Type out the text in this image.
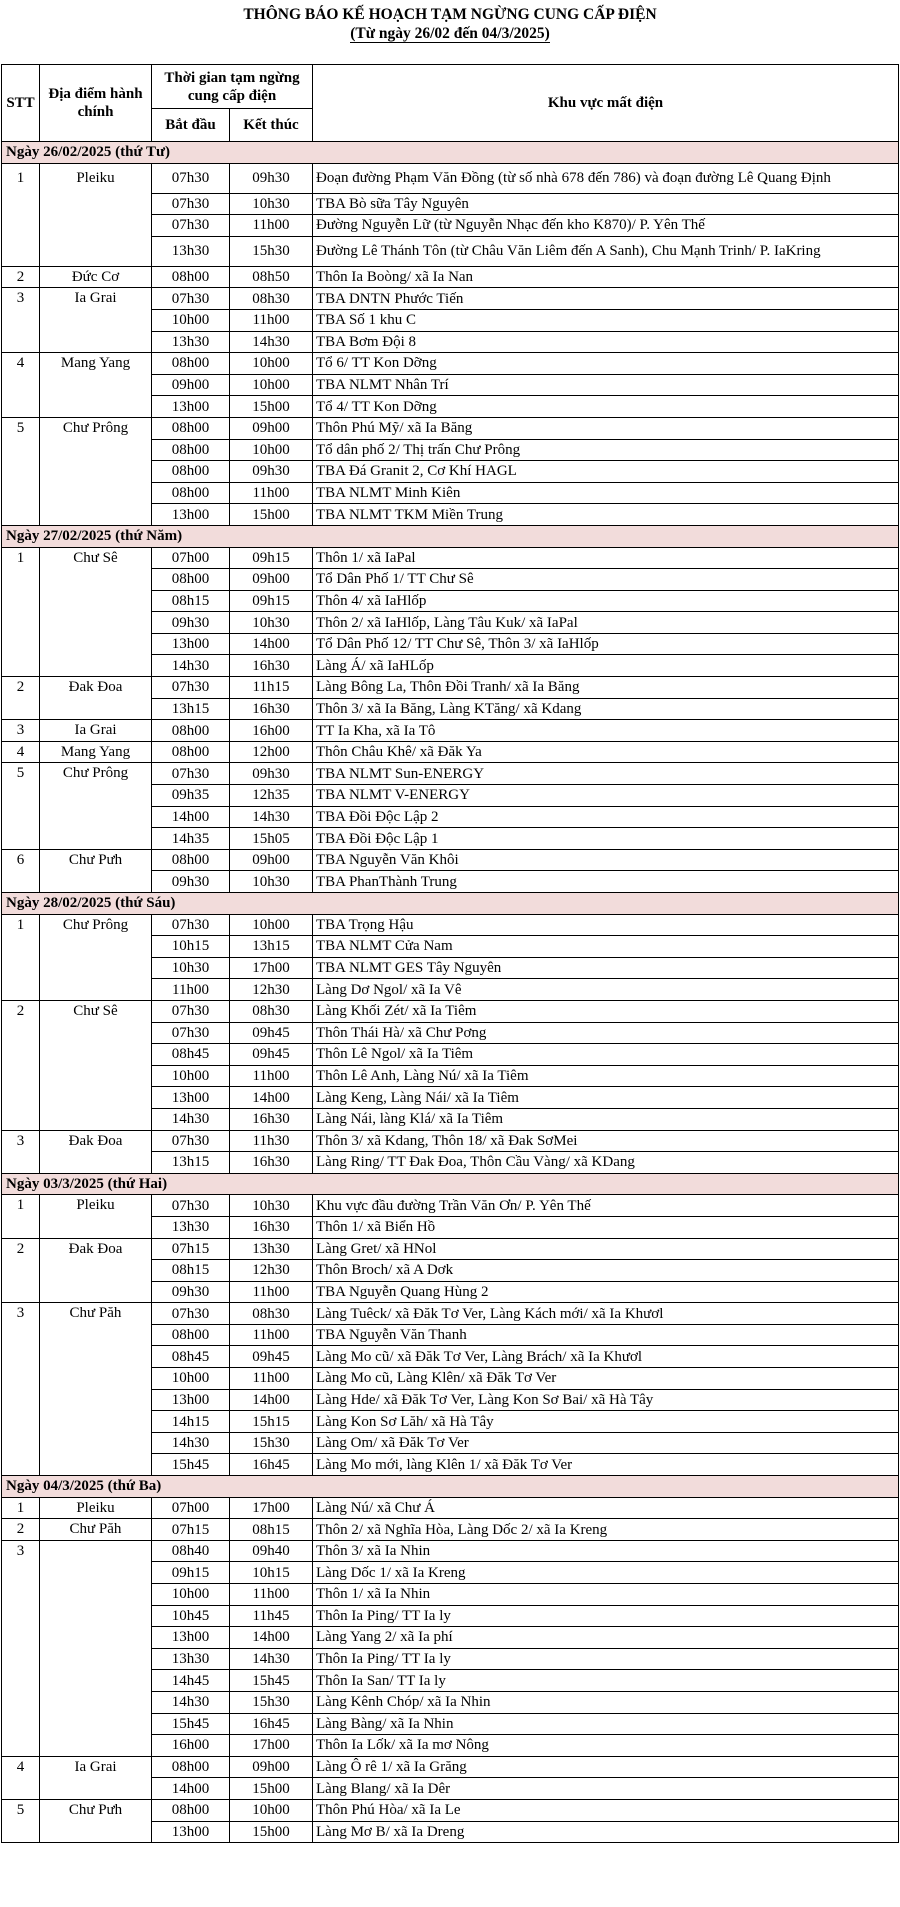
THÔNG BÁO KẾ HOẠCH TẠM NGỪNG CUNG CẤP ĐIỆN
(Từ ngày 26/02 đến 04/3/2025)
STT	Địa điểm hành chính	Thời gian tạm ngừng cung cấp điện		Khu vực mất điện
		Bắt đầu	Kết thúc	
Ngày 26/02/2025 (thứ Tư)				
1	Pleiku	07h30	09h30	Đoạn đường Phạm Văn Đồng (từ số nhà 678 đến 786) và đoạn đường Lê Quang Định
		07h30	10h30	TBA Bò sữa Tây Nguyên
		07h30	11h00	Đường Nguyễn Lữ (từ Nguyễn Nhạc đến kho K870)/ P. Yên Thế
		13h30	15h30	Đường Lê Thánh Tôn (từ Châu Văn Liêm đến A Sanh), Chu Mạnh Trinh/ P. IaKring
2	Đức Cơ	08h00	08h50	Thôn Ia Boòng/ xã Ia Nan
3	Ia Grai	07h30	08h30	TBA DNTN Phước Tiến
		10h00	11h00	TBA Số 1 khu C
		13h30	14h30	TBA Bơm Đội 8
4	Mang Yang	08h00	10h00	Tổ 6/ TT Kon Dỡng
		09h00	10h00	TBA NLMT Nhân Trí
		13h00	15h00	Tổ 4/ TT Kon Dỡng
5	Chư Prông	08h00	09h00	Thôn Phú Mỹ/ xã Ia Băng
		08h00	10h00	Tổ dân phố 2/ Thị trấn Chư Prông
		08h00	09h30	TBA Đá Granit 2, Cơ Khí HAGL
		08h00	11h00	TBA NLMT Minh Kiên
		13h00	15h00	TBA NLMT TKM Miền Trung
Ngày 27/02/2025 (thứ Năm)				
1	Chư Sê	07h00	09h15	Thôn 1/ xã IaPal
		08h00	09h00	Tổ Dân Phố 1/ TT Chư Sê
		08h15	09h15	Thôn 4/ xã IaHlốp
		09h30	10h30	Thôn 2/ xã IaHlốp, Làng Tâu Kuk/ xã IaPal
		13h00	14h00	Tổ Dân Phố 12/ TT Chư Sê, Thôn 3/ xã IaHlốp
		14h30	16h30	Làng Á/ xã IaHLốp
2	Đak Đoa	07h30	11h15	Làng Bông La, Thôn Đồi Tranh/ xã Ia Băng
		13h15	16h30	Thôn 3/ xã Ia Băng, Làng KTăng/ xã Kdang
3	Ia Grai	08h00	16h00	TT Ia Kha, xã Ia Tô
4	Mang Yang	08h00	12h00	Thôn Châu Khê/ xã Đăk Ya
5	Chư Prông	07h30	09h30	TBA NLMT Sun-ENERGY
		09h35	12h35	TBA NLMT V-ENERGY
		14h00	14h30	TBA Đồi Độc Lập 2
		14h35	15h05	TBA Đồi Độc Lập 1
6	Chư Pưh	08h00	09h00	TBA Nguyễn Văn Khôi
		09h30	10h30	TBA PhanThành Trung
Ngày 28/02/2025 (thứ Sáu)				
1	Chư Prông	07h30	10h00	TBA Trọng Hậu
		10h15	13h15	TBA NLMT Cửa Nam
		10h30	17h00	TBA NLMT GES Tây Nguyên
		11h00	12h30	Làng Dơ Ngol/ xã Ia Vê
2	Chư Sê	07h30	08h30	Làng Khối Zét/ xã Ia Tiêm
		07h30	09h45	Thôn Thái Hà/ xã Chư Pơng
		08h45	09h45	Thôn Lê Ngol/ xã Ia Tiêm
		10h00	11h00	Thôn Lê Anh, Làng Nú/ xã Ia Tiêm
		13h00	14h00	Làng Keng, Làng Nái/ xã Ia Tiêm
		14h30	16h30	Làng Nái, làng Klá/ xã Ia Tiêm
3	Đak Đoa	07h30	11h30	Thôn 3/ xã Kdang, Thôn 18/ xã Đak SơMei
		13h15	16h30	Làng Ring/ TT Đak Đoa, Thôn Cầu Vàng/ xã KDang
Ngày 03/3/2025 (thứ Hai)				
1	Pleiku	07h30	10h30	Khu vực đầu đường Trần Văn Ơn/ P. Yên Thế
		13h30	16h30	Thôn 1/ xã Biển Hồ
2	Đak Đoa	07h15	13h30	Làng Gret/ xã HNol
		08h15	12h30	Thôn Broch/ xã A Dơk
		09h30	11h00	TBA Nguyễn Quang Hùng 2
3	Chư Păh	07h30	08h30	Làng Tuêck/ xã Đăk Tơ Ver, Làng Kách mới/ xã Ia Khươl
		08h00	11h00	TBA Nguyễn Văn Thanh
		08h45	09h45	Làng Mo cũ/ xã Đăk Tơ Ver, Làng Brách/ xã Ia Khươl
		10h00	11h00	Làng Mo cũ, Làng Klên/ xã Đăk Tơ Ver
		13h00	14h00	Làng Hde/ xã Đăk Tơ Ver, Làng Kon Sơ Bai/ xã Hà Tây
		14h15	15h15	Làng Kon Sơ Lăh/ xã Hà Tây
		14h30	15h30	Làng Om/ xã Đăk Tơ Ver
		15h45	16h45	Làng Mo mới, làng Klên 1/ xã Đăk Tơ Ver
Ngày 04/3/2025 (thứ Ba)				
1	Pleiku	07h00	17h00	Làng Nú/ xã Chư Á
2	Chư Păh	07h15	08h15	Thôn 2/ xã Nghĩa Hòa, Làng Dốc 2/ xã Ia Kreng
3		08h40	09h40	Thôn 3/ xã Ia Nhin
		09h15	10h15	Làng Dốc 1/ xã Ia Kreng
		10h00	11h00	Thôn 1/ xã Ia Nhin
		10h45	11h45	Thôn Ia Ping/ TT Ia ly
		13h00	14h00	Làng Yang 2/ xã Ia phí
		13h30	14h30	Thôn Ia Ping/ TT Ia ly
		14h45	15h45	Thôn Ia San/ TT Ia ly
		14h30	15h30	Làng Kênh Chóp/ xã Ia Nhin
		15h45	16h45	Làng Bàng/ xã Ia Nhin
		16h00	17h00	Thôn Ia Lốk/ xã Ia mơ Nông
4	Ia Grai	08h00	09h00	Làng Ô rê 1/ xã Ia Grăng
		14h00	15h00	Làng Blang/ xã Ia Dêr
5	Chư Pưh	08h00	10h00	Thôn Phú Hòa/ xã Ia Le
		13h00	15h00	Làng Mơ B/ xã Ia Dreng
